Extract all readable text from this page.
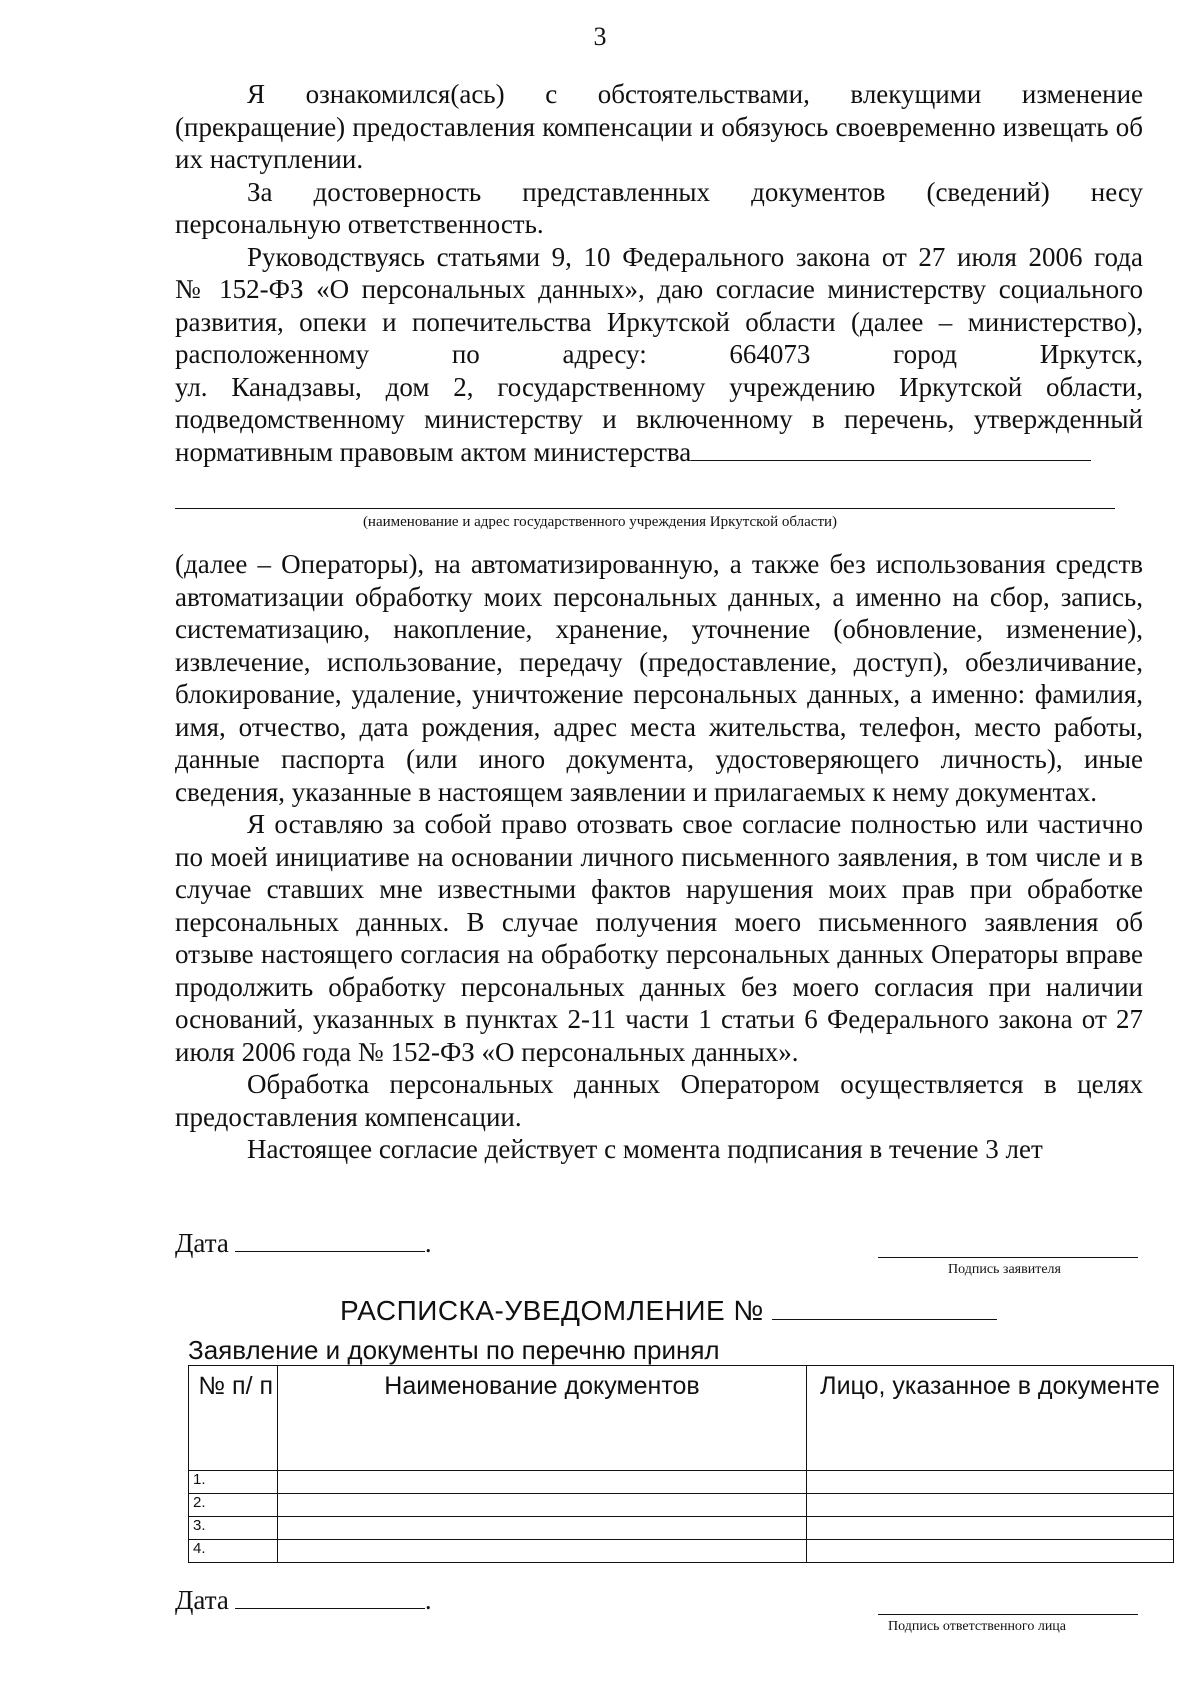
3

Я ознакомился(ась) с обстоятельствами, влекущими изменение (прекращение) предоставления компенсации и обязуюсь своевременно извещать об их наступлении.

За достоверность представленных документов (сведений) несу персональную ответственность.

Руководствуясь статьями 9, 10 Федерального закона от 27 июля 2006 года

№ 152-ФЗ «О персональных данных», даю согласие министерству социального

развития, опеки и попечительства Иркутской области (далее – министерство),

расположенному по адресу: 664073 город Иркутск,

ул. Канадзавы, дом 2, государственному учреждению Иркутской области,

подведомственному министерству и включенному в перечень, утвержденный

нормативным правовым актом министерства

(наименование и адрес государственного учреждения Иркутской области)

(далее – Операторы), на автоматизированную, а также без использования средств автоматизации обработку моих персональных данных, а именно на сбор, запись, систематизацию, накопление, хранение, уточнение (обновление, изменение), извлечение, использование, передачу (предоставление, доступ), обезличивание, блокирование, удаление, уничтожение персональных данных, а именно: фамилия, имя, отчество, дата рождения, адрес места жительства, телефон, место работы, данные паспорта (или иного документа, удостоверяющего личность), иные сведения, указанные в настоящем заявлении и прилагаемых к нему документах.

Я оставляю за собой право отозвать свое согласие полностью или частично по моей инициативе на основании личного письменного заявления, в том числе и в случае ставших мне известными фактов нарушения моих прав при обработке персональных данных. В случае получения моего письменного заявления об отзыве настоящего согласия на обработку персональных данных Операторы вправе продолжить обработку персональных данных без моего согласия при наличии оснований, указанных в пунктах 2-11 части 1 статьи 6 Федерального закона от 27 июля 2006 года № 152-ФЗ «О персональных данных».

Обработка персональных данных Оператором осуществляется в целях предоставления компенсации.

Настоящее согласие действует с момента подписания в течение 3 лет

Дата	.
Подпись заявителя
РАСПИСКА-УВЕДОМЛЕНИЕ №
Заявление и документы по перечню принял
№ п/ п	Наименование документов	Лицо, указанное в документе
1.		
2.		
3.		
4.		
Дата	.
Подпись ответственного лица
